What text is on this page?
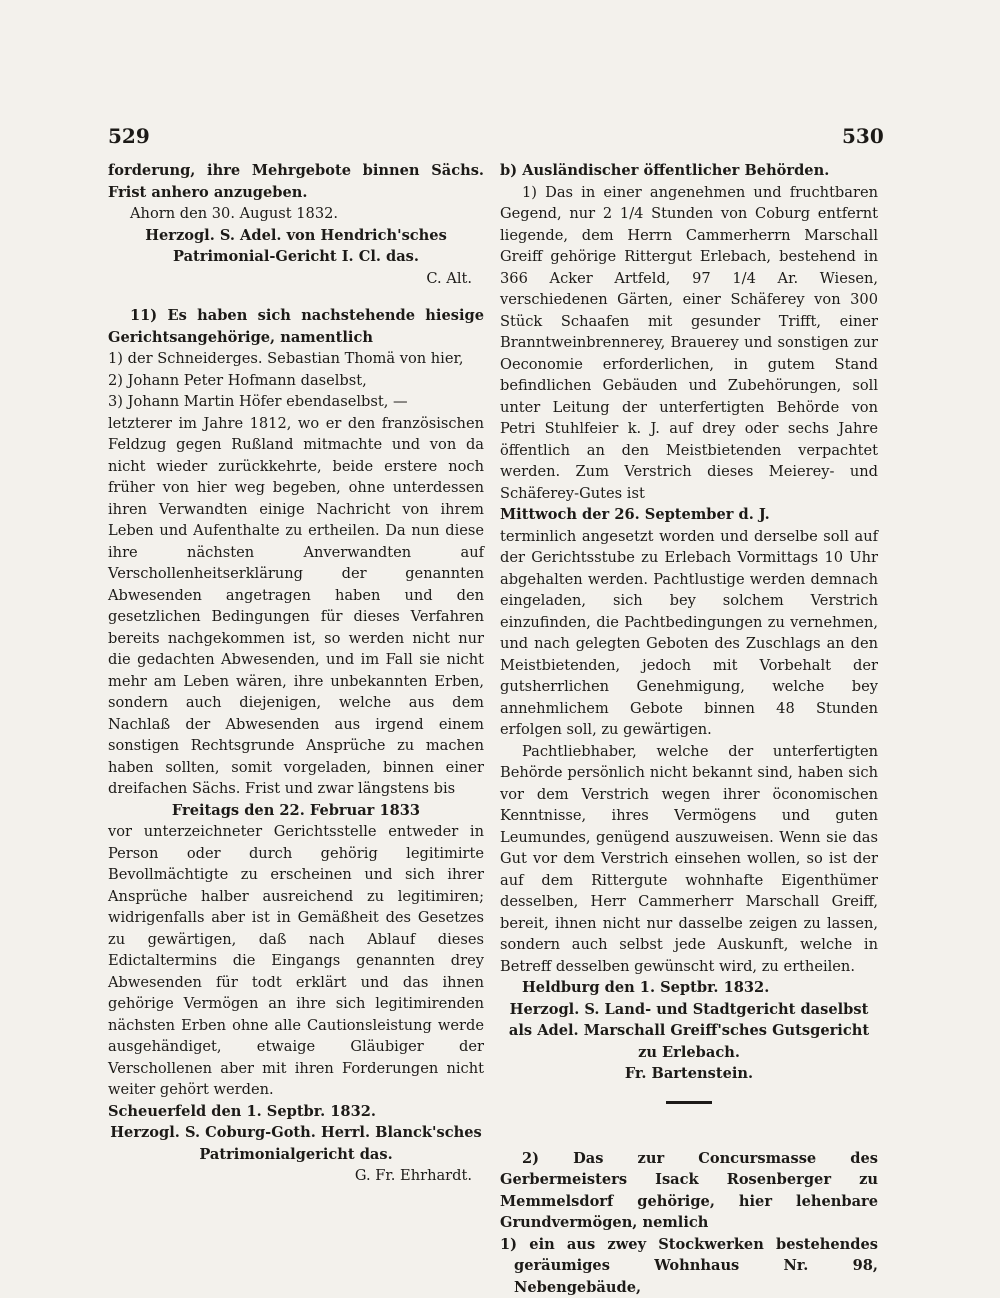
529	530

forderung, ihre Mehrgebote binnen Sächs. Frist anhero anzugeben.

Ahorn den 30. August 1832.

Herzogl. S. Adel. von Hendrich'sches Patrimonial-Gericht I. Cl. das.

C. Alt.

11) Es haben sich nachstehende hiesige Gerichtsangehörige, namentlich

1) der Schneiderges. Sebastian Thomä von hier,

2) Johann Peter Hofmann daselbst,

3) Johann Martin Höfer ebendaselbst, —

letzterer im Jahre 1812, wo er den französischen Feldzug gegen Rußland mitmachte und von da nicht wieder zurückkehrte, beide erstere noch früher von hier weg begeben, ohne unterdessen ihren Verwandten einige Nachricht von ihrem Leben und Aufenthalte zu ertheilen. Da nun diese ihre nächsten Anverwandten auf Verschollenheitserklärung der genannten Abwesenden angetragen haben und den gesetzlichen Bedingungen für dieses Verfahren bereits nachgekommen ist, so werden nicht nur die gedachten Abwesenden, und im Fall sie nicht mehr am Leben wären, ihre unbekannten Erben, sondern auch diejenigen, welche aus dem Nachlaß der Abwesenden aus irgend einem sonstigen Rechtsgrunde Ansprüche zu machen haben sollten, somit vorgeladen, binnen einer dreifachen Sächs. Frist und zwar längstens bis

Freitags den 22. Februar 1833

vor unterzeichneter Gerichtsstelle entweder in Person oder durch gehörig legitimirte Bevollmächtigte zu erscheinen und sich ihrer Ansprüche halber ausreichend zu legitimiren; widrigenfalls aber ist in Gemäßheit des Gesetzes zu gewärtigen, daß nach Ablauf dieses Edictaltermins die Eingangs genannten drey Abwesenden für todt erklärt und das ihnen gehörige Vermögen an ihre sich legitimirenden nächsten Erben ohne alle Cautionsleistung werde ausgehändiget, etwaige Gläubiger der Verschollenen aber mit ihren Forderungen nicht weiter gehört werden.

Scheuerfeld den 1. Septbr. 1832.

Herzogl. S. Coburg-Goth. Herrl. Blanck'sches Patrimonialgericht das.

G. Fr. Ehrhardt.

b) Ausländischer öffentlicher Behörden.

1) Das in einer angenehmen und fruchtbaren Gegend, nur 2 1/4 Stunden von Coburg entfernt liegende, dem Herrn Cammerherrn Marschall Greiff gehörige Rittergut Erlebach, bestehend in 366 Acker Artfeld, 97 1/4 Ar. Wiesen, verschiedenen Gärten, einer Schäferey von 300 Stück Schaafen mit gesunder Trifft, einer Branntweinbrennerey, Brauerey und sonstigen zur Oeconomie erforderlichen, in gutem Stand befindlichen Gebäuden und Zubehörungen, soll unter Leitung der unterfertigten Behörde von Petri Stuhlfeier k. J. auf drey oder sechs Jahre öffentlich an den Meistbietenden verpachtet werden. Zum Verstrich dieses Meierey- und Schäferey-Gutes ist

Mittwoch der 26. September d. J.

terminlich angesetzt worden und derselbe soll auf der Gerichtsstube zu Erlebach Vormittags 10 Uhr abgehalten werden. Pachtlustige werden demnach eingeladen, sich bey solchem Verstrich einzufinden, die Pachtbedingungen zu vernehmen, und nach gelegten Geboten des Zuschlags an den Meistbietenden, jedoch mit Vorbehalt der gutsherrlichen Genehmigung, welche bey annehmlichem Gebote binnen 48 Stunden erfolgen soll, zu gewärtigen.

Pachtliebhaber, welche der unterfertigten Behörde persönlich nicht bekannt sind, haben sich vor dem Verstrich wegen ihrer öconomischen Kenntnisse, ihres Vermögens und guten Leumundes, genügend auszuweisen. Wenn sie das Gut vor dem Verstrich einsehen wollen, so ist der auf dem Rittergute wohnhafte Eigenthümer desselben, Herr Cammerherr Marschall Greiff, bereit, ihnen nicht nur dasselbe zeigen zu lassen, sondern auch selbst jede Auskunft, welche in Betreff desselben gewünscht wird, zu ertheilen.

Heldburg den 1. Septbr. 1832.

Herzogl. S. Land- und Stadtgericht daselbst als Adel. Marschall Greiff'sches Gutsgericht zu Erlebach.

Fr. Bartenstein.

2) Das zur Concursmasse des Gerbermeisters Isack Rosenberger zu Memmelsdorf gehörige, hier lehenbare Grundvermögen, nemlich

1) ein aus zwey Stockwerken bestehendes geräumiges Wohnhaus Nr. 98, Nebengebäude,
